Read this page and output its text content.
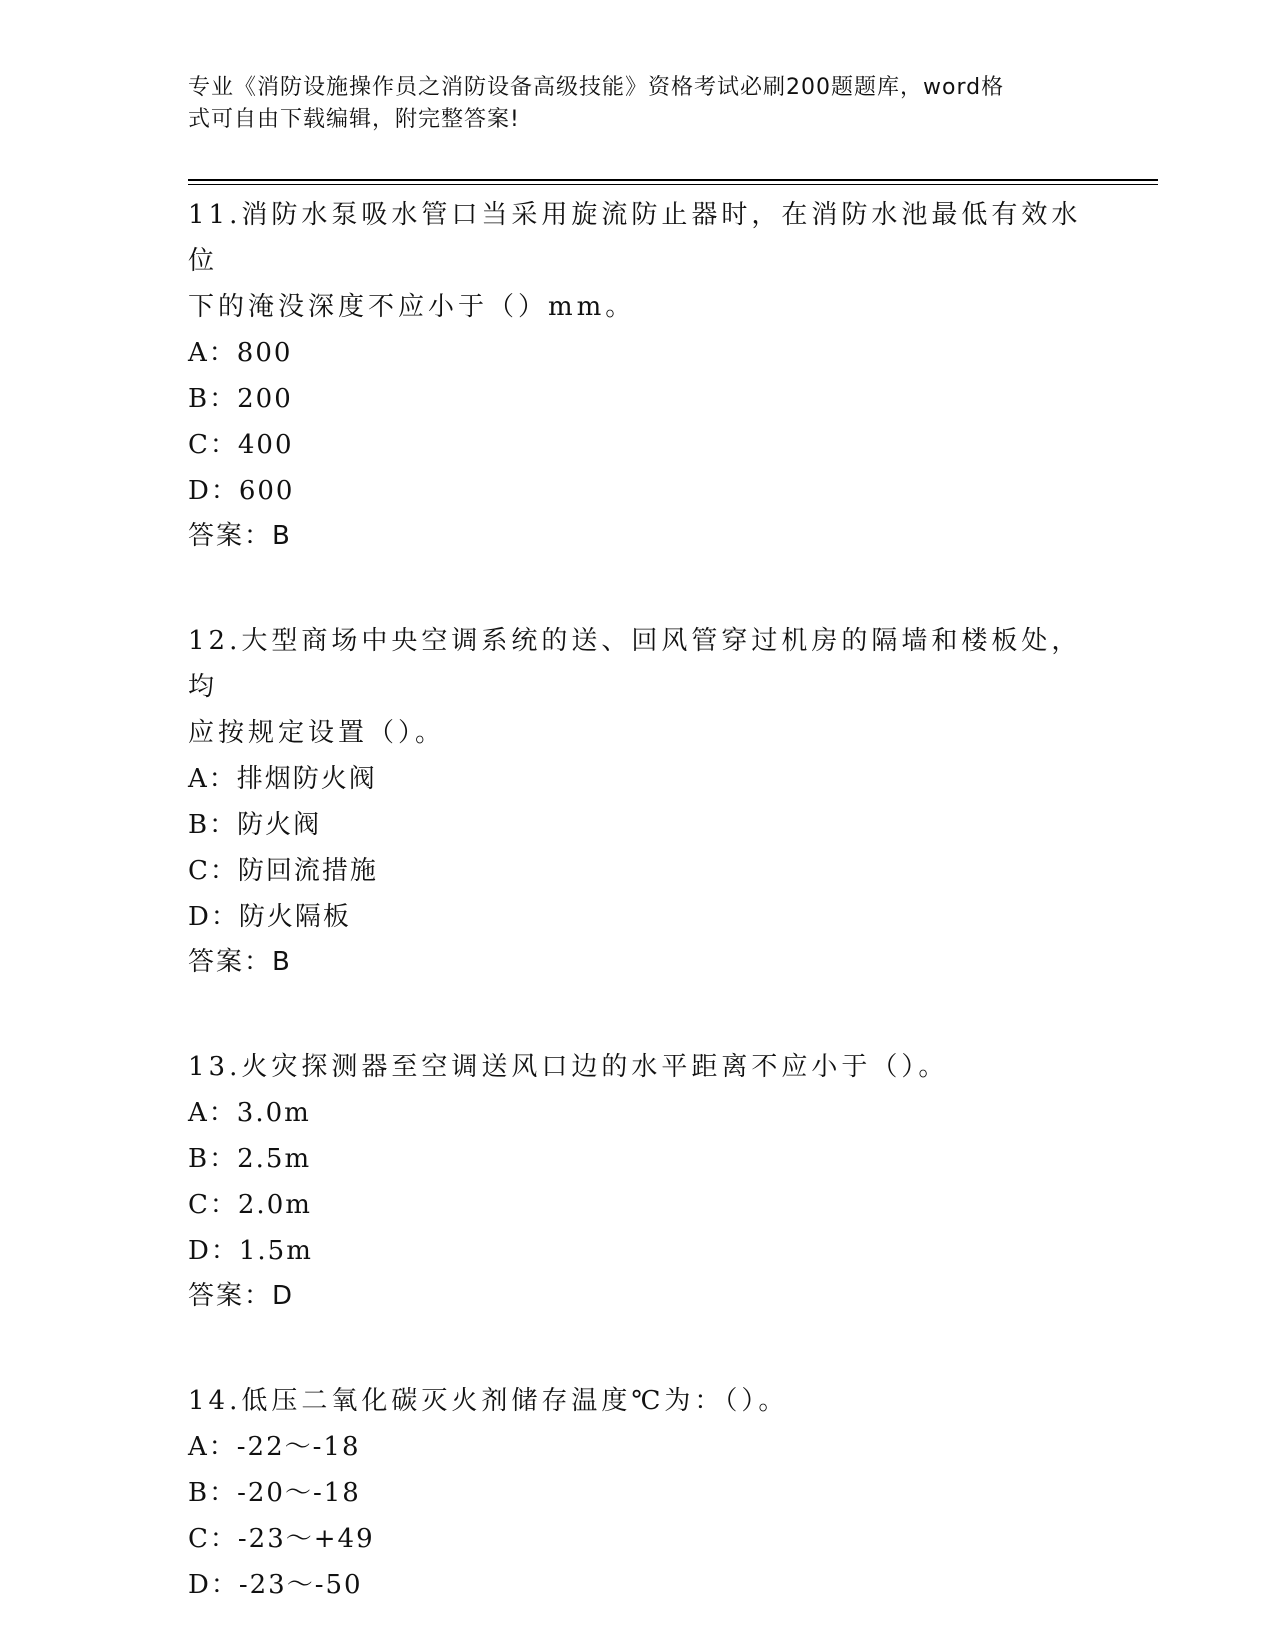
专业《消防设施操作员之消防设备高级技能》资格考试必刷200题题库，word格
式可自由下载编辑，附完整答案!
11.消防水泵吸水管口当采用旋流防止器时，在消防水池最低有效水位
下的淹没深度不应小于（）mm。
A：800
B：200
C：400
D：600
答案：B
12.大型商场中央空调系统的送、回风管穿过机房的隔墙和楼板处，均
应按规定设置（）。
A：排烟防火阀
B：防火阀
C：防回流措施
D：防火隔板
答案：B
13.火灾探测器至空调送风口边的水平距离不应小于（）。
A：3.0m
B：2.5m
C：2.0m
D：1.5m
答案：D
14.低压二氧化碳灭火剂储存温度℃为：（）。
A：-22～-18
B：-20～-18
C：-23～+49
D：-23～-50
